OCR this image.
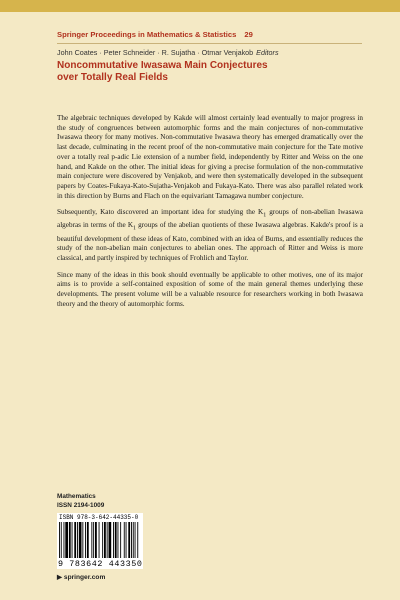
Springer Proceedings in Mathematics & Statistics 29
John Coates · Peter Schneider · R. Sujatha · Otmar Venjakob Editors
Noncommutative Iwasawa Main Conjectures
over Totally Real Fields

The algebraic techniques developed by Kakde will almost certainly lead eventually to major progress in the study of congruences between automorphic forms and the main conjectures of non-commutative Iwasawa theory for many motives. Non-commutative Iwasawa theory has emerged dramatically over the last decade, culminating in the recent proof of the non-commutative main conjecture for the Tate motive over a totally real p-adic Lie extension of a number field, independently by Ritter and Weiss on the one hand, and Kakde on the other. The initial ideas for giving a precise formulation of the non-commutative main conjecture were discovered by Venjakob, and were then systematically developed in the subsequent papers by Coates-Fukaya-Kato-Sujatha-Venjakob and Fukaya-Kato. There was also parallel related work in this direction by Burns and Flach on the equivariant Tamagawa number conjecture.

Subsequently, Kato discovered an important idea for studying the $K_1$ groups of non-abelian Iwasawa algebras in terms of the $K_1$ groups of the abelian quotients of these Iwasawa algebras. Kakde's proof is a beautiful development of these ideas of Kato, combined with an idea of Burns, and essentially reduces the study of the non-abelian main conjectures to abelian ones. The approach of Ritter and Weiss is more classical, and partly inspired by techniques of Frohlich and Taylor.

Since many of the ideas in this book should eventually be applicable to other motives, one of its major aims is to provide a self-contained exposition of some of the main general themes underlying these developments. The present volume will be a valuable resource for researchers working in both Iwasawa theory and the theory of automorphic forms.

Mathematics
ISSN 2194-1009
ISBN 978-3-642-44335-0
9 783642 443350
▶ springer.com
